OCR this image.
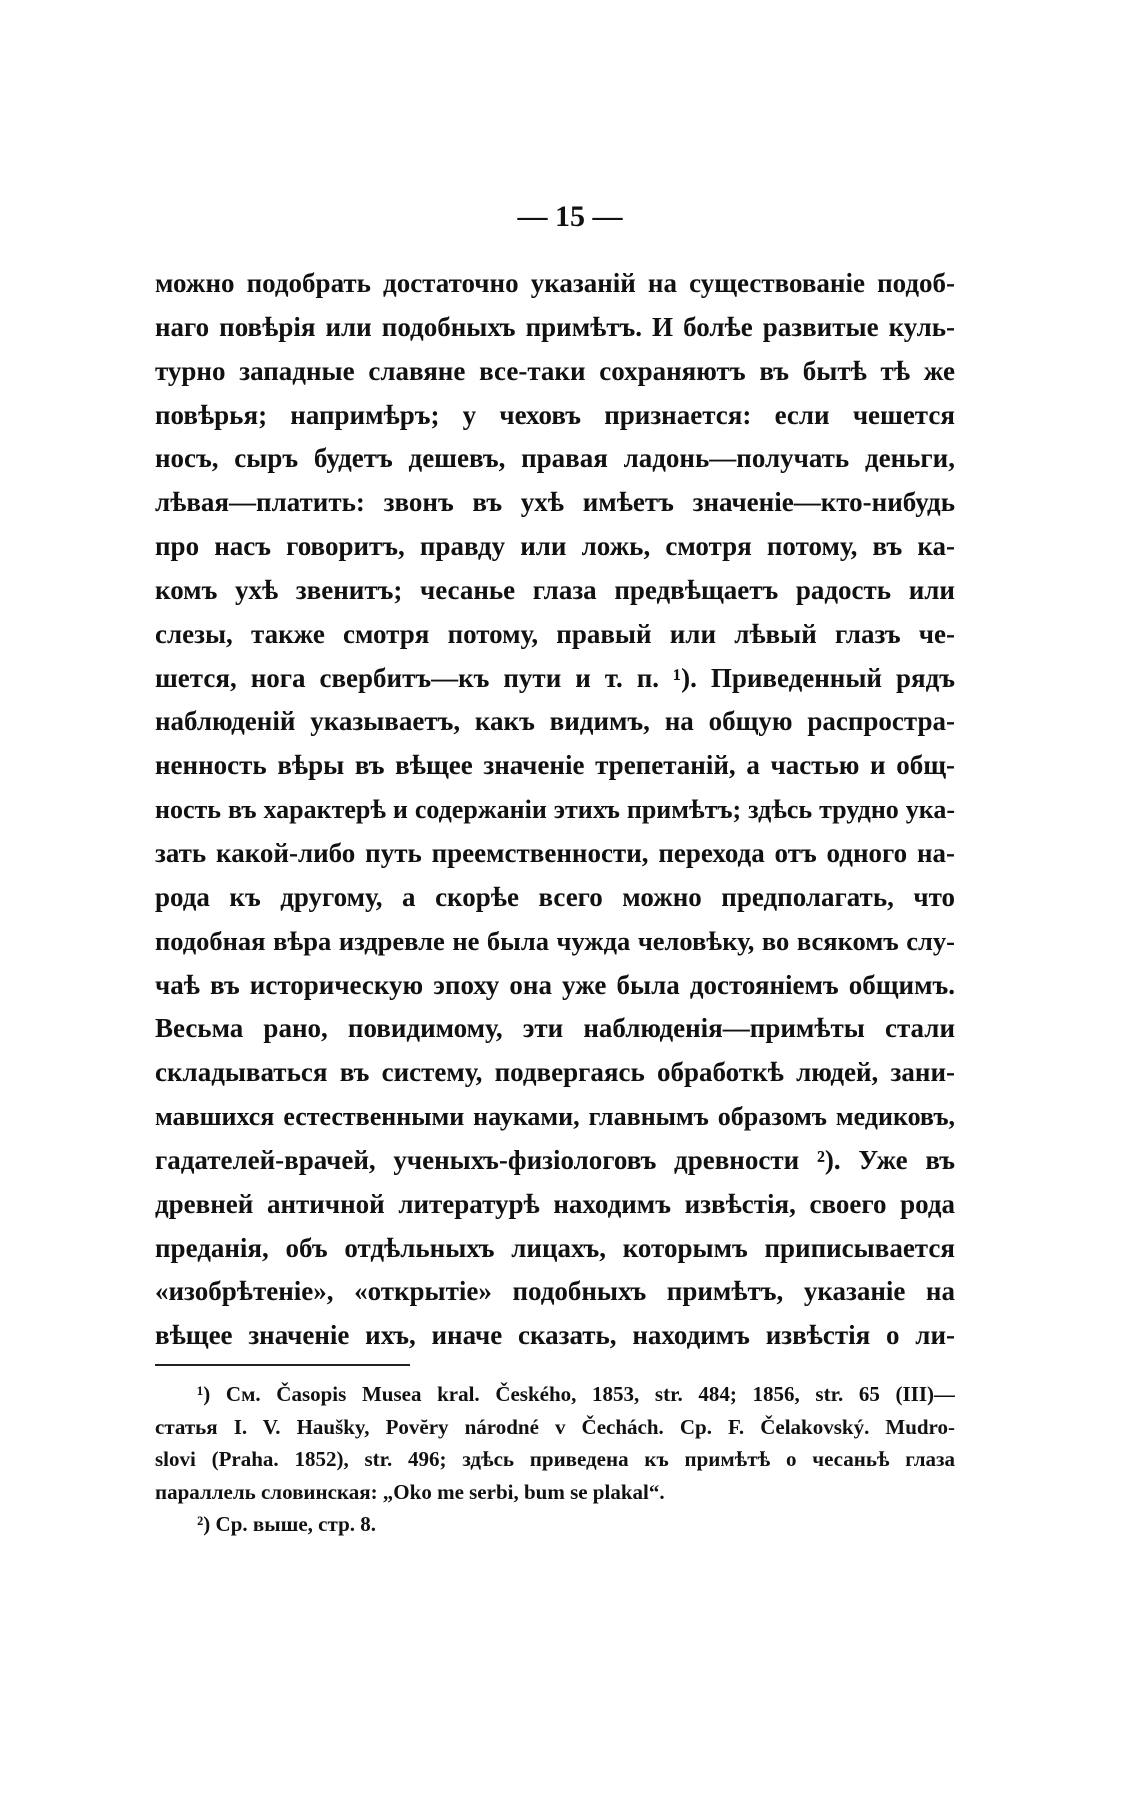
— 15 —
можно подобрать достаточно указаній на существованіе подоб-
наго повѣрія или подобныхъ примѣтъ. И болѣе развитые куль-
турно западные славяне все-таки сохраняютъ въ бытѣ тѣ же
повѣрья; напримѣръ; у чеховъ признается: если чешется
носъ, сыръ будетъ дешевъ, правая ладонь—получать деньги,
лѣвая—платить: звонъ въ ухѣ имѣетъ значеніе—кто-нибудь
про насъ говоритъ, правду или ложь, смотря потому, въ ка-
комъ ухѣ звенитъ; чесанье глаза предвѣщаетъ радость или
слезы, также смотря потому, правый или лѣвый глазъ че-
шется, нога свербитъ—къ пути и т. п. ¹). Приведенный рядъ
наблюденій указываетъ, какъ видимъ, на общую распростра-
ненность вѣры въ вѣщее значеніе трепетаній, а частью и общ-
ность въ характерѣ и содержаніи этихъ примѣтъ; здѣсь трудно ука-
зать какой-либо путь преемственности, перехода отъ одного на-
рода къ другому, а скорѣе всего можно предполагать, что
подобная вѣра издревле не была чужда человѣку, во всякомъ слу-
чаѣ въ историческую эпоху она уже была достояніемъ общимъ.
Весьма рано, повидимому, эти наблюденія—примѣты стали
складываться въ систему, подвергаясь обработкѣ людей, зани-
мавшихся естественными науками, главнымъ образомъ медиковъ,
гадателей-врачей, ученыхъ-физіологовъ древности ²). Уже въ
древней античной литературѣ находимъ извѣстія, своего рода
преданія, объ отдѣльныхъ лицахъ, которымъ приписывается
«изобрѣтеніе», «открытіе» подобныхъ примѣтъ, указаніе на
вѣщее значеніе ихъ, иначе сказать, находимъ извѣстія о ли-
¹) См. Časopis Musea kral. Českého, 1853, str. 484; 1856, str. 65 (III)—
статья I. V. Haušky, Povĕry národné v Čechách. Ср. F. Čelakovský. Mudro-
slovi (Praha. 1852), str. 496; здѣсь приведена къ примѣтѣ о чесаньѣ глаза
параллель словинская: „Oko me serbi, bum se plakal“.
²) Ср. выше, стр. 8.
